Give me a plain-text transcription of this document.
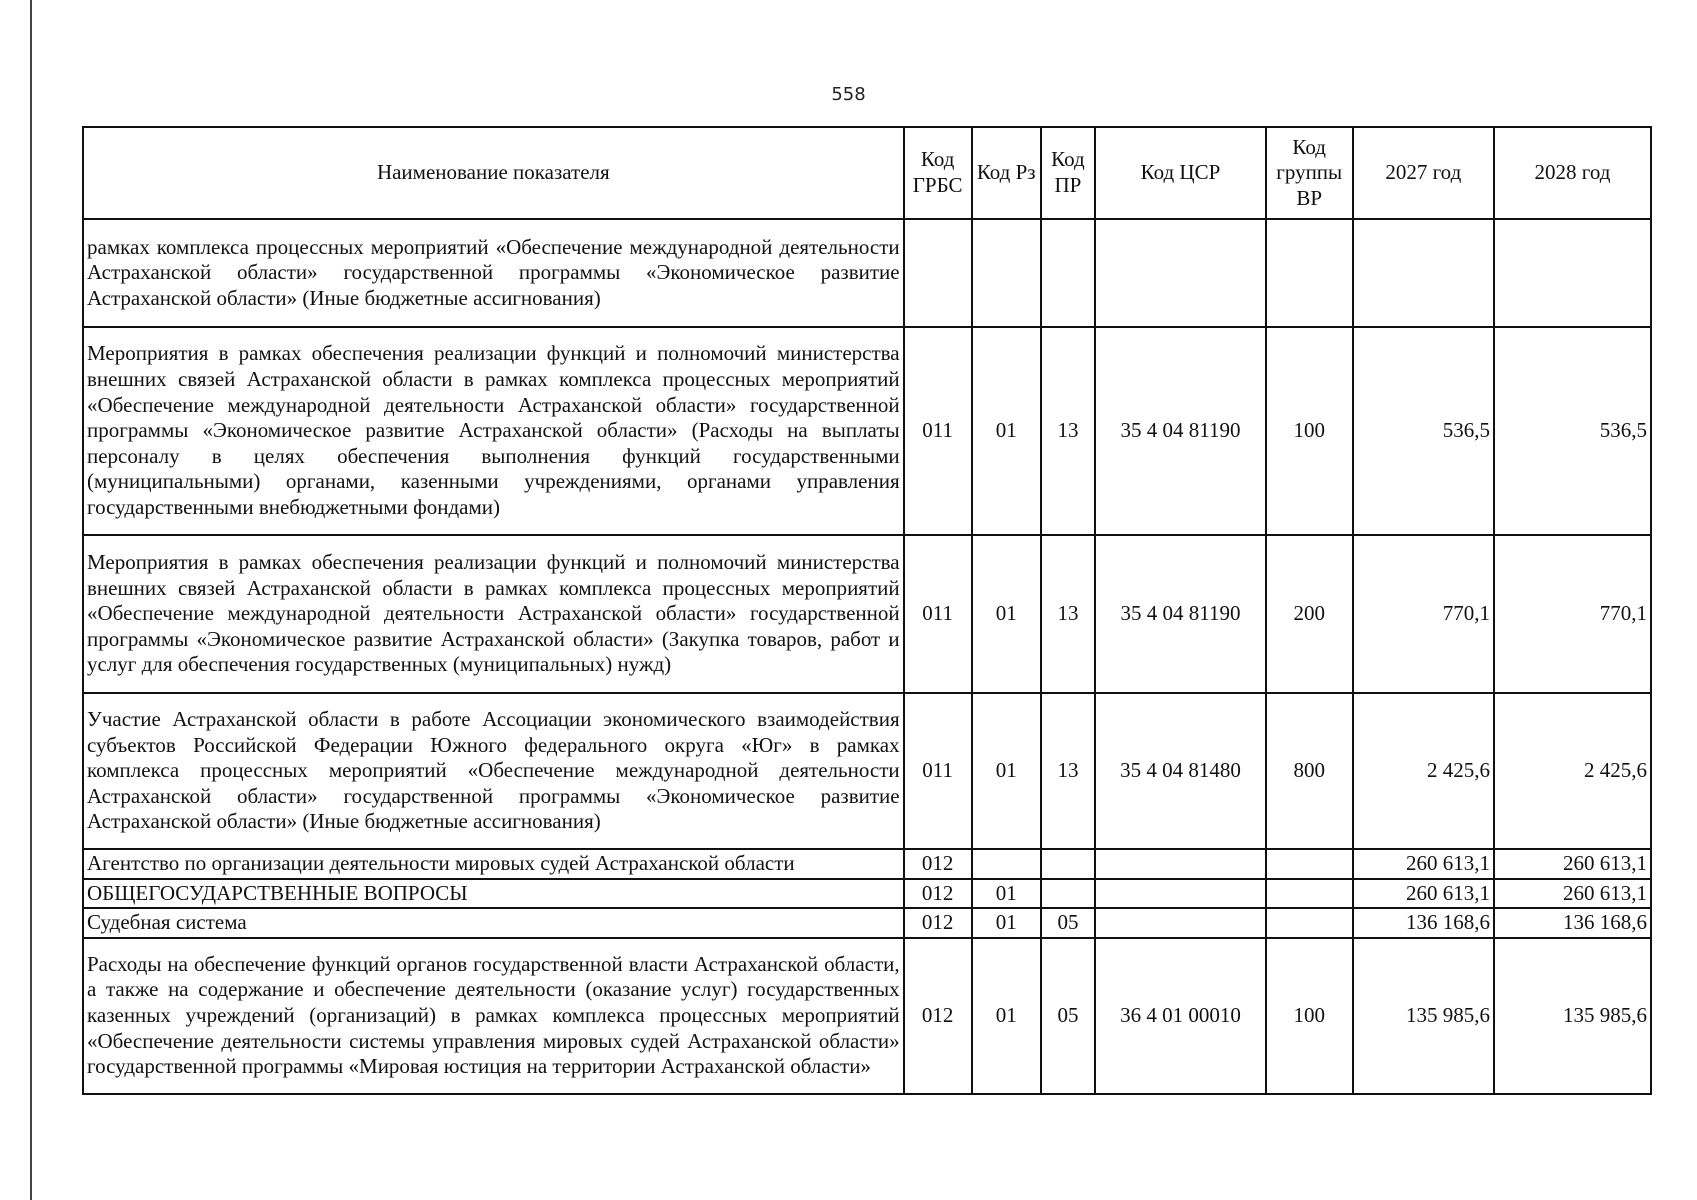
558
Наименование показателя	Код ГРБС	Код Рз	Код ПР	Код ЦСР	Код группы ВР	2027 год	2028 год
рамках комплекса процессных мероприятий «Обеспечение международной деятельности Астраханской области» государственной программы «Экономическое развитие Астраханской области» (Иные бюджетные ассигнования)							
Мероприятия в рамках обеспечения реализации функций и полномочий министерства внешних связей Астраханской области в рамках комплекса процессных мероприятий «Обеспечение международной деятельности Астраханской области» государственной программы «Экономическое развитие Астраханской области» (Расходы на выплаты персоналу в целях обеспечения выполнения функций государственными (муниципальными) органами, казенными учреждениями, органами управления государственными внебюджетными фондами)	011	01	13	35 4 04 81190	100	536,5	536,5
Мероприятия в рамках обеспечения реализации функций и полномочий министерства внешних связей Астраханской области в рамках комплекса процессных мероприятий «Обеспечение международной деятельности Астраханской области» государственной программы «Экономическое развитие Астраханской области» (Закупка товаров, работ и услуг для обеспечения государственных (муниципальных) нужд)	011	01	13	35 4 04 81190	200	770,1	770,1
Участие Астраханской области в работе Ассоциации экономического взаимодействия субъектов Российской Федерации Южного федерального округа «Юг» в рамках комплекса процессных мероприятий «Обеспечение международной деятельности Астраханской области» государственной программы «Экономическое развитие Астраханской области» (Иные бюджетные ассигнования)	011	01	13	35 4 04 81480	800	2 425,6	2 425,6
Агентство по организации деятельности мировых судей Астраханской области	012					260 613,1	260 613,1
ОБЩЕГОСУДАРСТВЕННЫЕ ВОПРОСЫ	012	01				260 613,1	260 613,1
Судебная система	012	01	05			136 168,6	136 168,6
Расходы на обеспечение функций органов государственной власти Астраханской области, а также на содержание и обеспечение деятельности (оказание услуг) государственных казенных учреждений (организаций) в рамках комплекса процессных мероприятий «Обеспечение деятельности системы управления мировых судей Астраханской области» государственной программы «Мировая юстиция на территории Астраханской области»	012	01	05	36 4 01 00010	100	135 985,6	135 985,6
